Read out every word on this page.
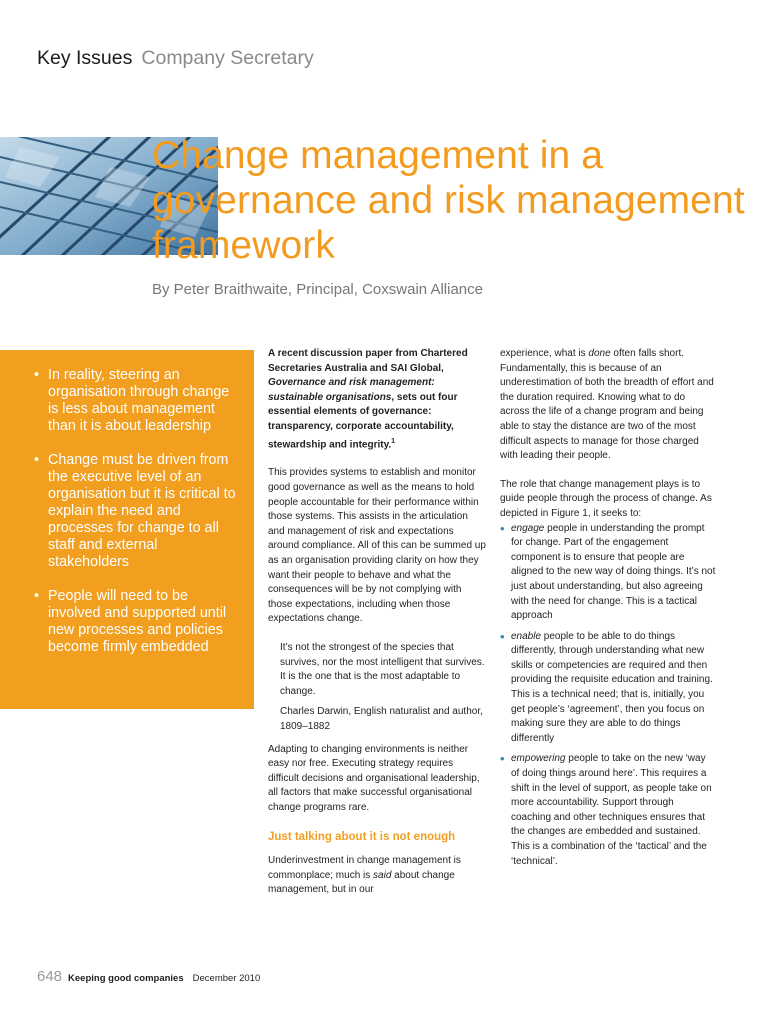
Key Issues Company Secretary
Change management in a governance and risk management framework
By Peter Braithwaite, Principal, Coxswain Alliance
• In reality, steering an organisation through change is less about management than it is about leadership
• Change must be driven from the executive level of an organisation but it is critical to explain the need and processes for change to all staff and external stakeholders
• People will need to be involved and supported until new processes and policies become firmly embedded

A recent discussion paper from Chartered Secretaries Australia and SAI Global, Governance and risk management: sustainable organisations, sets out four essential elements of governance: transparency, corporate accountability, stewardship and integrity.$^1$

This provides systems to establish and monitor good governance as well as the means to hold people accountable for their performance within those systems. This assists in the articulation and management of risk and expectations around compliance. All of this can be summed up as an organisation providing clarity on how they want their people to behave and what the consequences will be by not complying with those expectations, including when those expectations change.

It’s not the strongest of the species that survives, nor the most intelligent that survives. It is the one that is the most adaptable to change.

Charles Darwin, English naturalist and author, 1809–1882

Adapting to changing environments is neither easy nor free. Executing strategy requires difficult decisions and organisational leadership, all factors that make successful organisational change programs rare.

Just talking about it is not enough

Underinvestment in change management is commonplace; much is said about change management, but in our

experience, what is done often falls short. Fundamentally, this is because of an underestimation of both the breadth of effort and the duration required. Knowing what to do across the life of a change program and being able to stay the distance are two of the most difficult aspects to manage for those charged with leading their people.

The role that change management plays is to guide people through the process of change. As depicted in Figure 1, it seeks to:

• engage people in understanding the prompt for change. Part of the engagement component is to ensure that people are aligned to the new way of doing things. It’s not just about understanding, but also agreeing with the need for change. This is a tactical approach
• enable people to be able to do things differently, through understanding what new skills or competencies are required and then providing the requisite education and training. This is a technical need; that is, initially, you get people’s ‘agreement’, then you focus on making sure they are able to do things differently
• empowering people to take on the new ‘way of doing things around here’. This requires a shift in the level of support, as people take on more accountability. Support through coaching and other techniques ensures that the changes are embedded and sustained. This is a combination of the ‘tactical’ and the ‘technical’.
648 Keeping good companies December 2010
